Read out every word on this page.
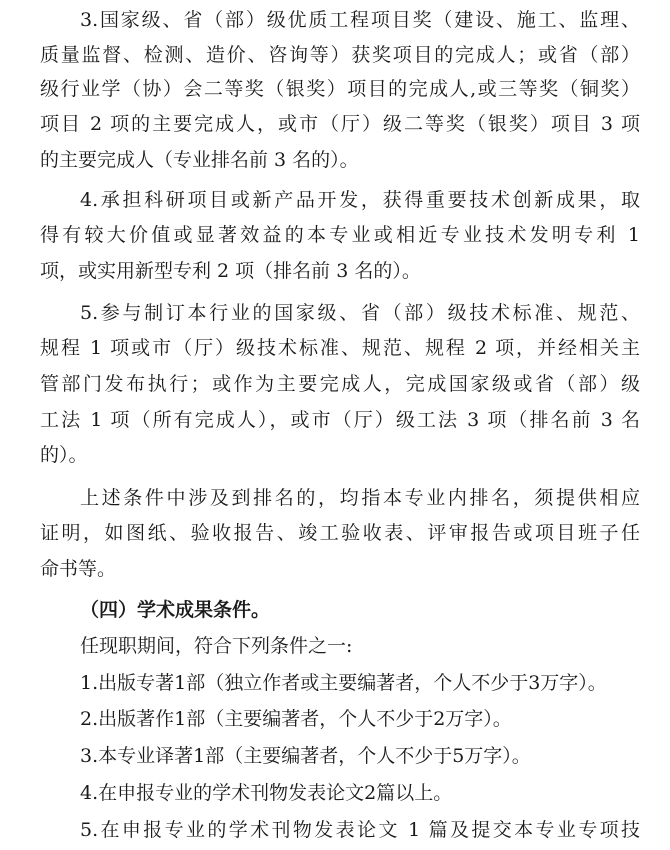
3.国家级、省（部）级优质工程项目奖（建设、施工、监理、
质量监督、检测、造价、咨询等）获奖项目的完成人；或省（部）
级行业学（协）会二等奖（银奖）项目的完成人,或三等奖（铜奖）
项目 2 项的主要完成人，或市（厅）级二等奖（银奖）项目 3 项
的主要完成人（专业排名前 3 名的）。
4.承担科研项目或新产品开发，获得重要技术创新成果，取
得有较大价值或显著效益的本专业或相近专业技术发明专利 1
项，或实用新型专利 2 项（排名前 3 名的）。
5.参与制订本行业的国家级、省（部）级技术标准、规范、
规程 1 项或市（厅）级技术标准、规范、规程 2 项，并经相关主
管部门发布执行；或作为主要完成人，完成国家级或省（部）级
工法 1 项（所有完成人），或市（厅）级工法 3 项（排名前 3 名
的）。
上述条件中涉及到排名的，均指本专业内排名，须提供相应
证明，如图纸、验收报告、竣工验收表、评审报告或项目班子任
命书等。
（四）学术成果条件。
任现职期间，符合下列条件之一:
1.出版专著1部（独立作者或主要编著者，个人不少于3万字）。
2.出版著作1部（主要编著者，个人不少于2万字）。
3.本专业译著1部（主要编著者，个人不少于5万字）。
4.在申报专业的学术刊物发表论文2篇以上。
5.在申报专业的学术刊物发表论文 1 篇及提交本专业专项技
